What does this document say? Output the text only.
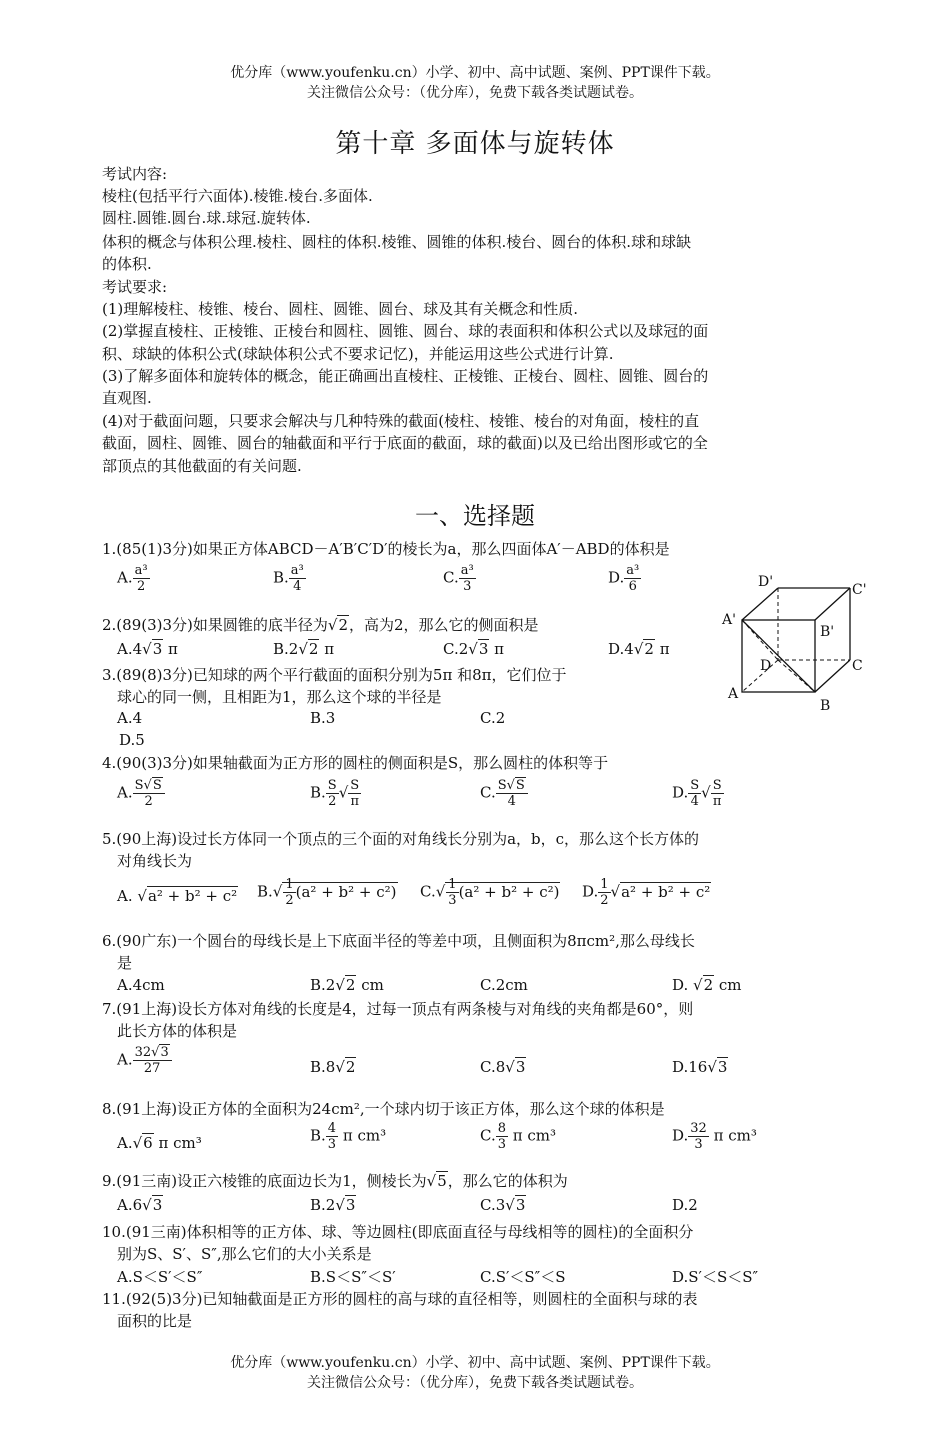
优分库（www.youfenku.cn）小学、初中、高中试题、案例、PPT课件下载。
关注微信公众号：（优分库），免费下载各类试题试卷。
第十章 多面体与旋转体
考试内容:
棱柱(包括平行六面体).棱锥.棱台.多面体.
圆柱.圆锥.圆台.球.球冠.旋转体.
体积的概念与体积公理.棱柱、圆柱的体积.棱锥、圆锥的体积.棱台、圆台的体积.球和球缺
的体积.
考试要求:
(1)理解棱柱、棱锥、棱台、圆柱、圆锥、圆台、球及其有关概念和性质.
(2)掌握直棱柱、正棱锥、正棱台和圆柱、圆锥、圆台、球的表面积和体积公式以及球冠的面
积、球缺的体积公式(球缺体积公式不要求记忆)，并能运用这些公式进行计算.
(3)了解多面体和旋转体的概念，能正确画出直棱柱、正棱锥、正棱台、圆柱、圆锥、圆台的
直观图.
(4)对于截面问题，只要求会解决与几种特殊的截面(棱柱、棱锥、棱台的对角面，棱柱的直
截面，圆柱、圆锥、圆台的轴截面和平行于底面的截面，球的截面)以及已给出图形或它的全
部顶点的其他截面的有关问题.
一、选择题
1.(85(1)3分)如果正方体ABCD－A′B′C′D′的棱长为a，那么四面体A′－ABD的体积是
A. $\frac{\text{a³}}{2}$	B. $\frac{\text{a³}}{4}$	C. $\frac{\text{a³}}{3}$	D. $\frac{\text{a³}}{6}$
2.(89(3)3分)如果圆锥的底半径为√2，高为2，那么它的侧面积是
A.4√3 π	B.2√2 π	C.2√3 π	D.4√2 π
3.(89(8)3分)已知球的两个平行截面的面积分别为5π 和8π，它们位于
球心的同一侧，且相距为1，那么这个球的半径是
A.4	B.3	C.2
D.5
D'	C'
A'
B'
D	C
A
B
4.(90(3)3分)如果轴截面为正方形的圆柱的侧面积是S，那么圆柱的体积等于
A. $\frac{S√S}{2}$	B. $\frac{S}{2}$ √ $\frac{S}{\pi}$	C. $\frac{S√S}{4}$	D. $\frac{S}{4}$ √ $\frac{S}{\pi}$
5.(90上海)设过长方体同一个顶点的三个面的对角线长分别为a，b，c，那么这个长方体的
对角线长为
A. √a² + b² + c² $B.√ \frac{1}{2} (a^2 + b^2 + c^2)$ $C.√ \frac{1}{3} (a^2 + b^2 + c^2)$ D. $\frac{1}{2} √a^2 + b^2 + c^2$
6.(90广东)一个圆台的母线长是上下底面半径的等差中项，且侧面积为8πcm²,那么母线长
是
A.4cm	B.2√2 cm	C.2cm	D. √2 cm
7.(91上海)设长方体对角线的长度是4，过每一顶点有两条棱与对角线的夹角都是60°，则
此长方体的体积是
A. $\frac{32√3}{27}$	B.8√2	C.8√3	D.16√3
8.(91上海)设正方体的全面积为24cm²,一个球内切于该正方体，那么这个球的体积是
A.√6 π cm³	B. $\frac{4}{3}$ π cm³	C. $\frac{8}{3}$ π cm³	D. $\frac{32}{3}$ π cm³
9.(91三南)设正六棱锥的底面边长为1，侧棱长为√5，那么它的体积为
A.6√3	B.2√3	C.3√3	D.2
10.(91三南)体积相等的正方体、球、等边圆柱(即底面直径与母线相等的圆柱)的全面积分
别为S、S′、S″,那么它们的大小关系是
A.S＜S′＜S″	B.S＜S″＜S′	C.S′＜S″＜S	D.S′＜S＜S″
11.(92(5)3分)已知轴截面是正方形的圆柱的高与球的直径相等，则圆柱的全面积与球的表
面积的比是
优分库（www.youfenku.cn）小学、初中、高中试题、案例、PPT课件下载。
关注微信公众号：（优分库），免费下载各类试题试卷。
